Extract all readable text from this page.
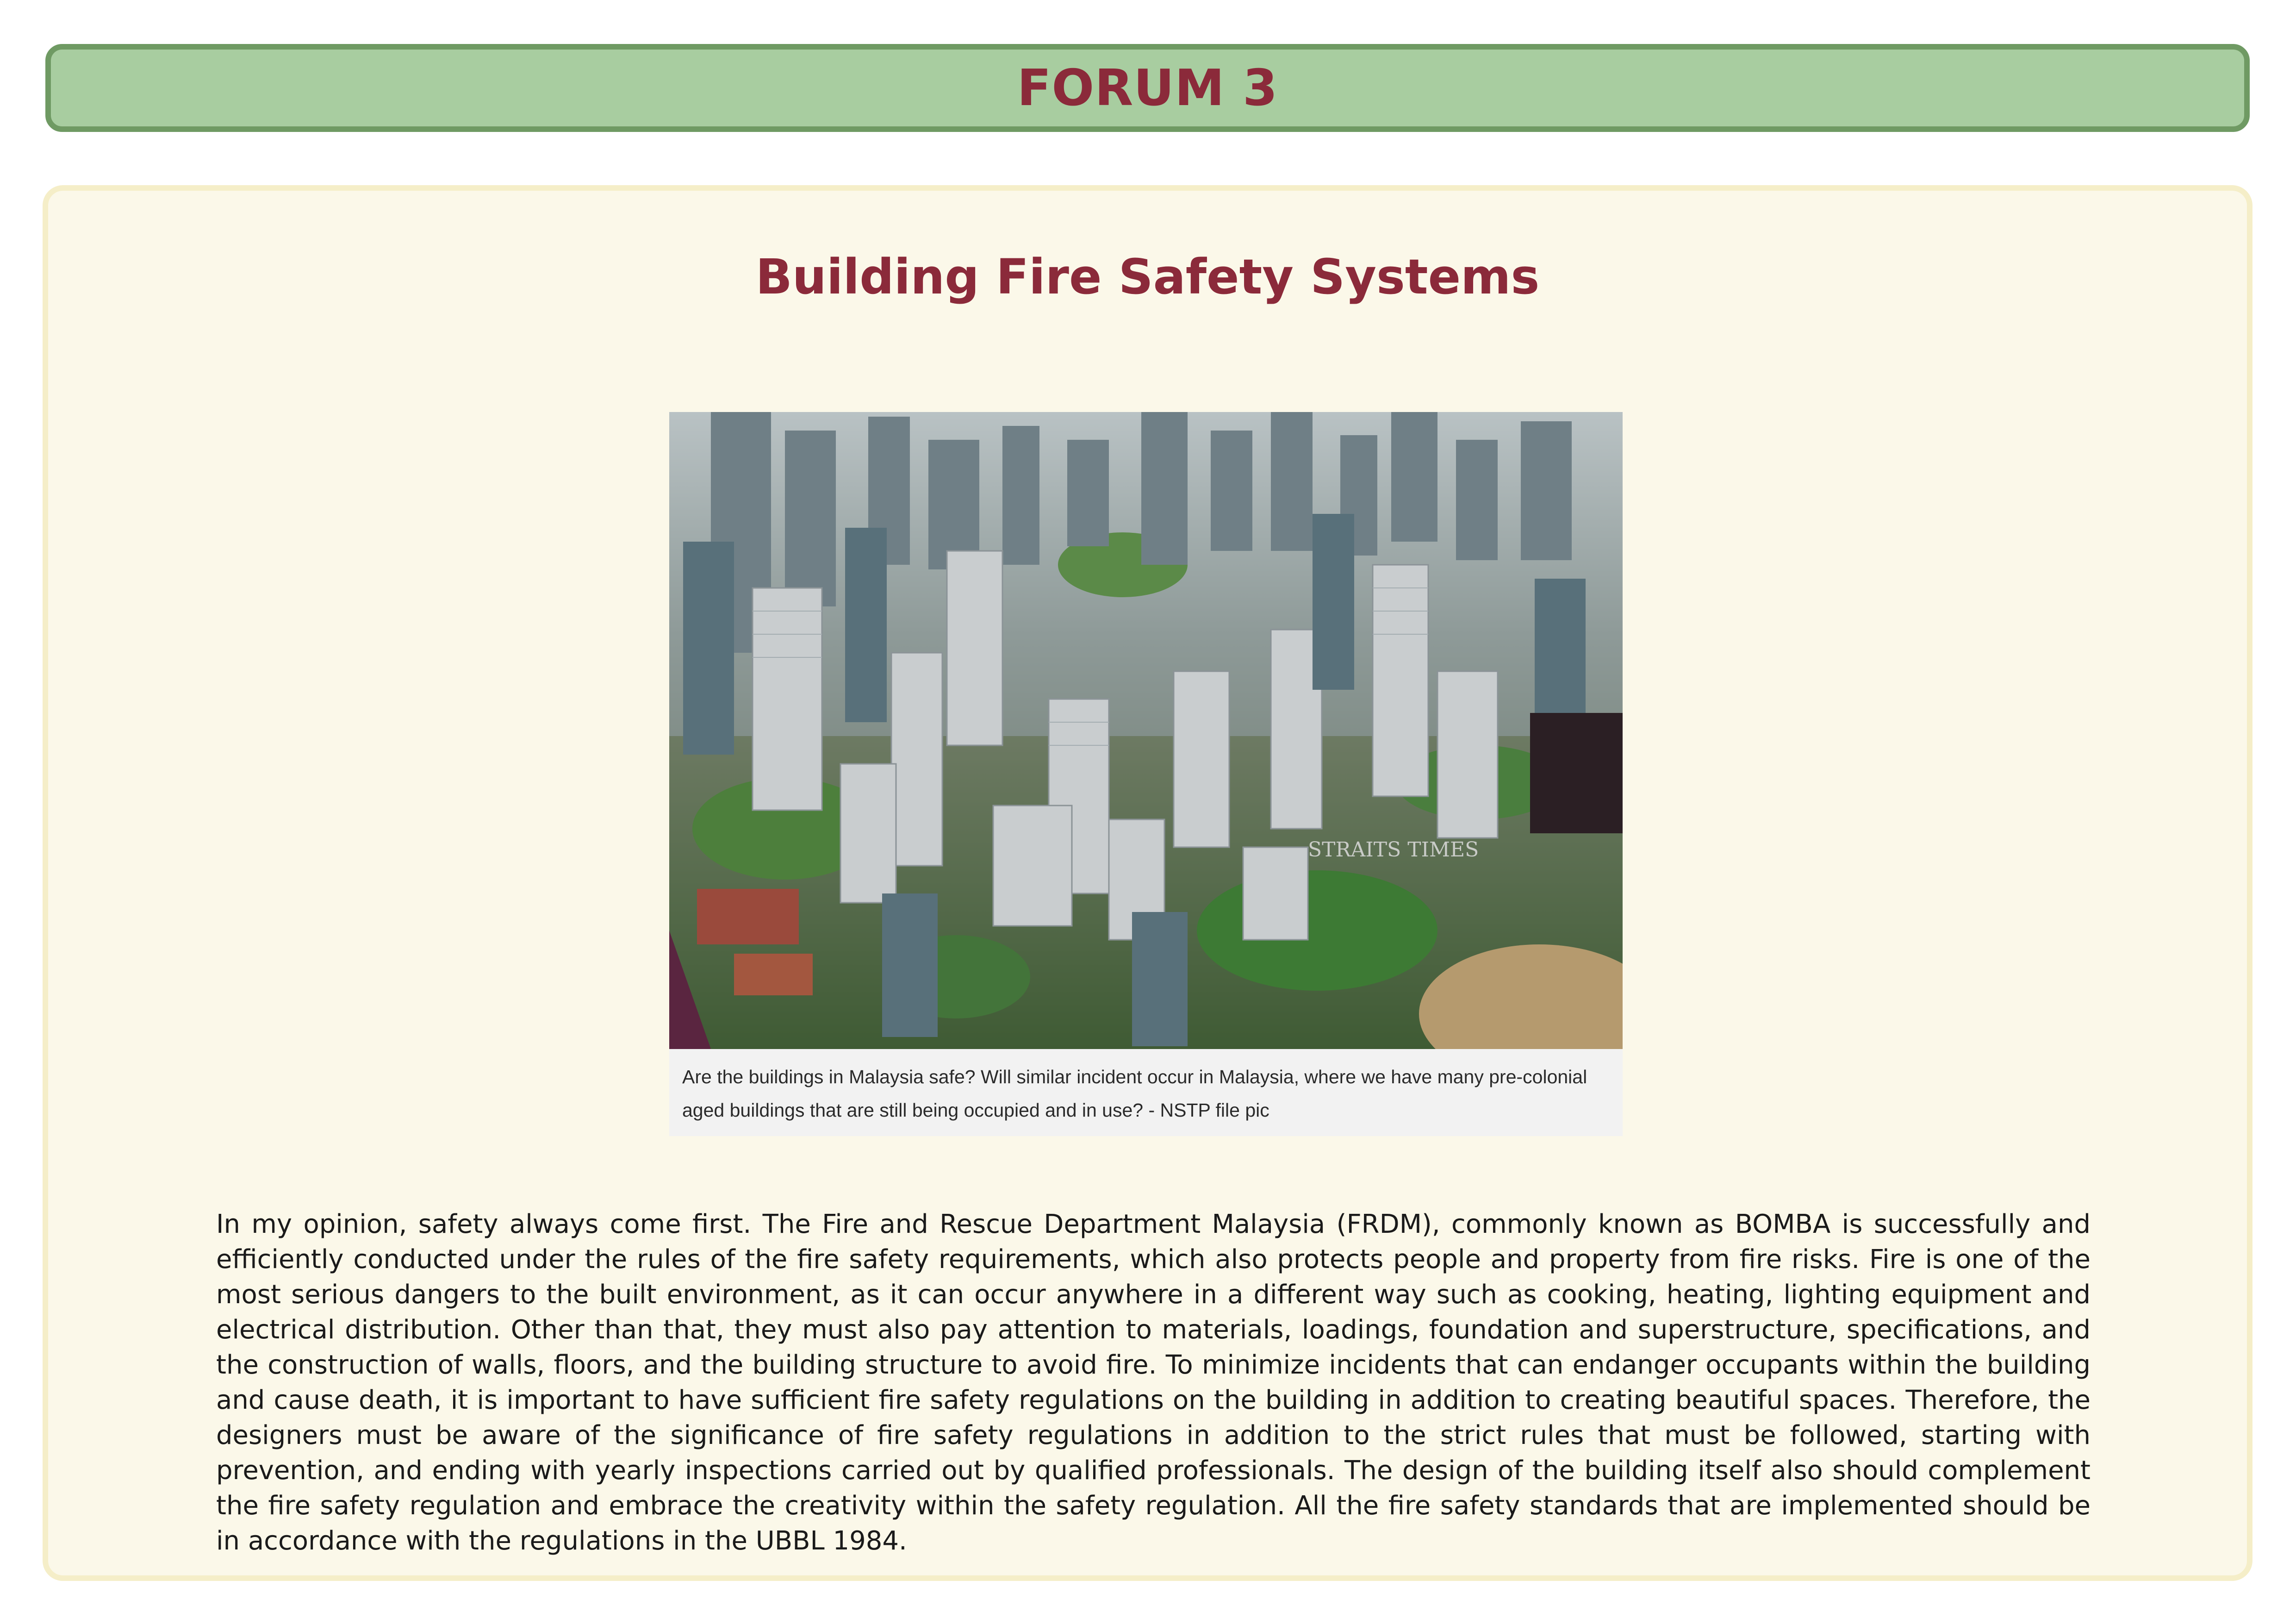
FORUM 3
Building Fire Safety Systems
STRAITS TIMES
Are the buildings in Malaysia safe? Will similar incident occur in Malaysia, where we have many pre-colonial aged buildings that are still being occupied and in use? - NSTP file pic
In my opinion, safety always come first. The Fire and Rescue Department Malaysia (FRDM), commonly known as BOMBA is successfully and efficiently conducted under the rules of the fire safety requirements, which also protects people and property from fire risks. Fire is one of the most serious dangers to the built environment, as it can occur anywhere in a different way such as cooking, heating, lighting equipment and electrical distribution. Other than that, they must also pay attention to materials, loadings, foundation and superstructure, specifications, and the construction of walls, floors, and the building structure to avoid fire. To minimize incidents that can endanger occupants within the building and cause death, it is important to have sufficient fire safety regulations on the building in addition to creating beautiful spaces. Therefore, the designers must be aware of the significance of fire safety regulations in addition to the strict rules that must be followed, starting with prevention, and ending with yearly inspections carried out by qualified professionals. The design of the building itself also should complement the fire safety regulation and embrace the creativity within the safety regulation. All the fire safety standards that are implemented should be in accordance with the regulations in the UBBL 1984.
